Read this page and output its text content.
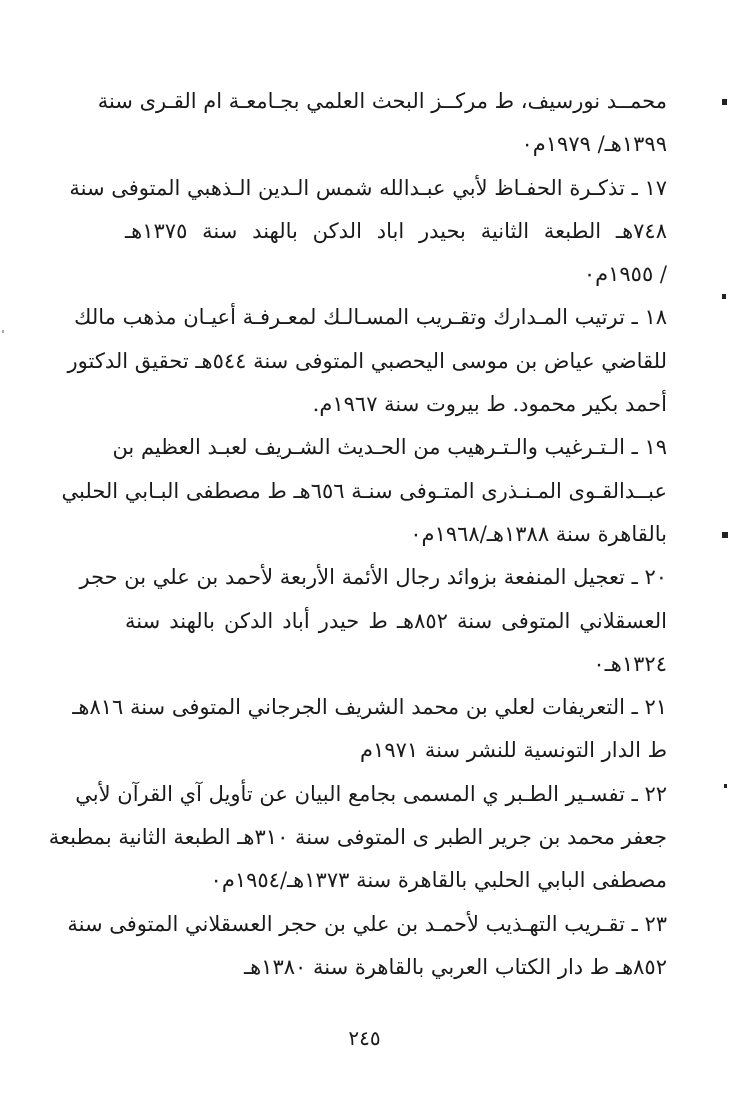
محمــد نورسيف، ط مركــز البحث العلمي بجـامعـة ام القـرى سنة
١٣٩٩هـ/ ١٩٧٩م٠
١٧ ـ تذكـرة الحفـاظ لأبي عبـدالله شمس الـدين الـذهبي المتوفى سنة
٧٤٨هـ الطبعة الثانية بحيدر اباد الدكن بالهند سنة ١٣٧٥هـ
/ ١٩٥٥م٠
١٨ ـ ترتيب المـدارك وتقـريب المسـالـك لمعـرفـة أعيـان مذهب مالك
للقاضي عياض بن موسى اليحصبي المتوفى سنة ٥٤٤هـ تحقيق الدكتور
أحمد بكير محمود. ط بيروت سنة ١٩٦٧م.
١٩ ـ الـتـرغيب والـتـرهيب من الحـديث الشـريف لعبـد العظيم بن
عبــدالقـوى المـنـذرى المتـوفى سنـة ٦٥٦هـ ط مصطفى البـابي الحلبي
بالقاهرة سنة ١٣٨٨هـ/١٩٦٨م٠
٢٠ ـ تعجيل المنفعة بزوائد رجال الأئمة الأربعة لأحمد بن علي بن حجر
العسقلاني المتوفى سنة ٨٥٢هـ ط حيدر أباد الدكن بالهند سنة
١٣٢٤هـ٠
٢١ ـ التعريفات لعلي بن محمد الشريف الجرجاني المتوفى سنة ٨١٦هـ
ط الدار التونسية للنشر سنة ١٩٧١م
٢٢ ـ تفسـير الطـبر ي المسمى بجامع البيان عن تأويل آي القرآن لأبي
جعفر محمد بن جرير الطبر ى المتوفى سنة ٣١٠هـ الطبعة الثانية بمطبعة
مصطفى البابي الحلبي بالقاهرة سنة ١٣٧٣هـ/١٩٥٤م٠
٢٣ ـ تقـريب التهـذيب لأحمـد بن علي بن حجر العسقلاني المتوفى سنة
٨٥٢هـ ط دار الكتاب العربي بالقاهرة سنة ١٣٨٠هـ
٢٤٥
